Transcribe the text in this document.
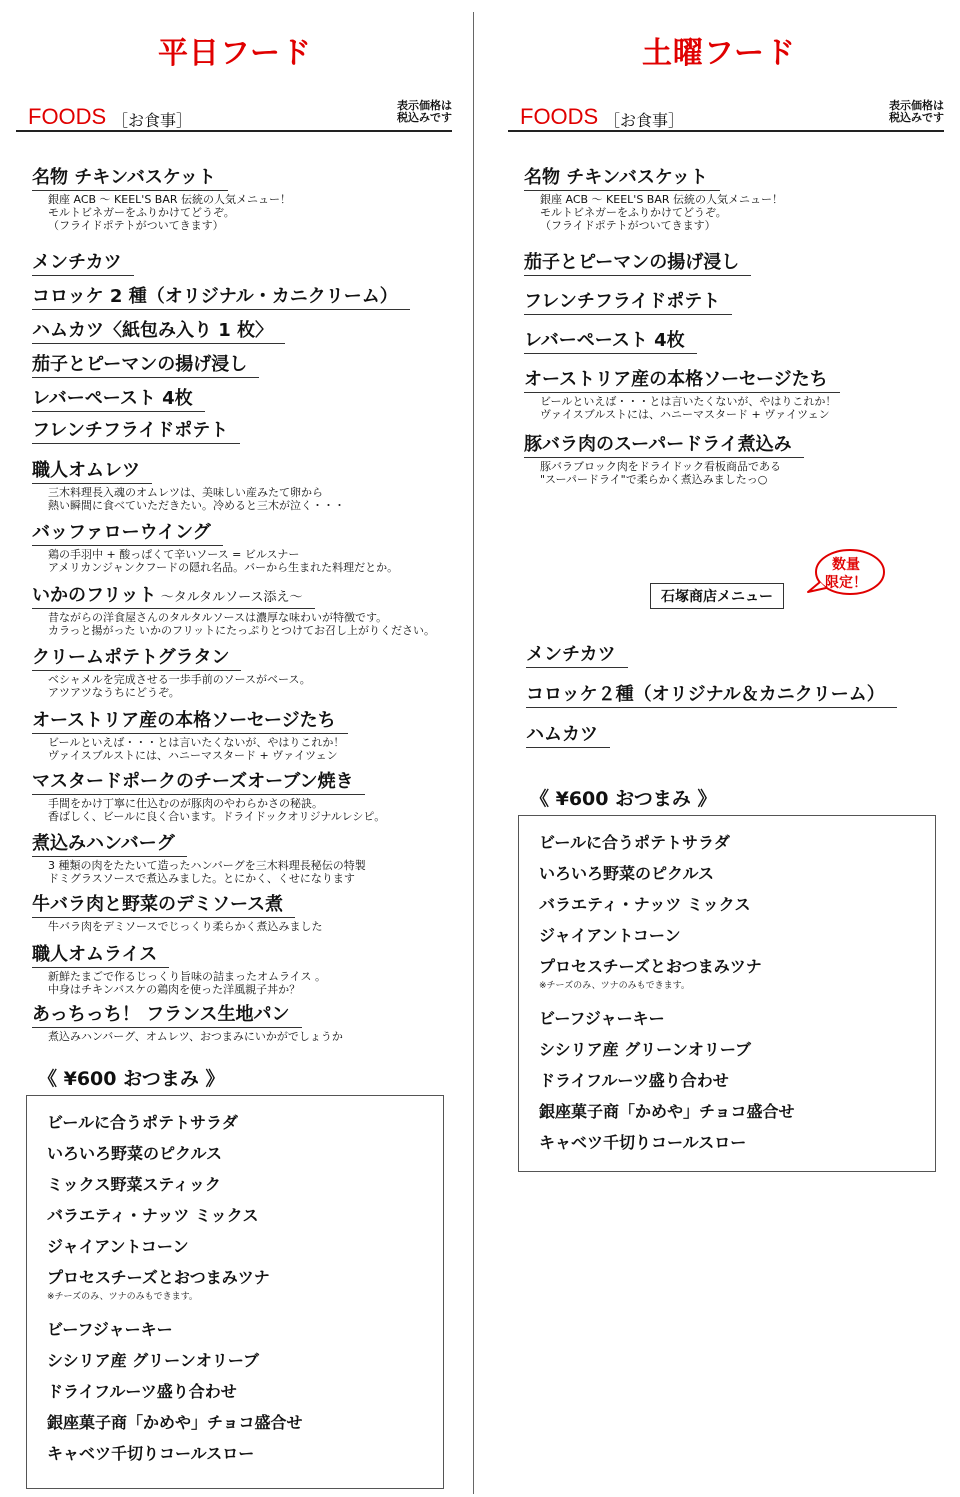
平日フード
FOODS ［お食事］
表示価格は
税込みです
名物 チキンバスケット
銀座 ACB ～ KEEL'S BAR 伝統の人気メニュー！
モルトビネガーをふりかけてどうぞ。
（フライドポテトがついてきます）
メンチカツ
コロッケ 2 種（オリジナル・カニクリーム）
ハムカツ〈紙包み入り 1 枚〉
茄子とピーマンの揚げ浸し
レバーペースト 4枚
フレンチフライドポテト
職人オムレツ
三木料理長入魂のオムレツは、美味しい産みたて卵から
熱い瞬間に食べていただきたい。冷めると三木が泣く・・・
バッファローウイング
鶏の手羽中 + 酸っぱくて辛いソース = ビルスナー
アメリカンジャンクフードの隠れ名品。バーから生まれた料理だとか。
いかのフリット ～タルタルソース添え～
昔ながらの洋食屋さんのタルタルソースは濃厚な味わいが特徴です。
カラっと揚がった いかのフリットにたっぷりとつけてお召し上がりください。
クリームポテトグラタン
ベシャメルを完成させる一歩手前のソースがベース。
アツアツなうちにどうぞ。
オーストリア産の本格ソーセージたち
ビールといえば・・・とは言いたくないが、やはりこれか！
ヴァイスブルストには、ハニーマスタード + ヴァイツェン
マスタードポークのチーズオーブン焼き
手間をかけ丁寧に仕込むのが豚肉のやわらかさの秘訣。
香ばしく、ビールに良く合います。ドライドックオリジナルレシピ。
煮込みハンバーグ
3 種類の肉をたたいて造ったハンバーグを三木料理長秘伝の特製
ドミグラスソースで煮込みました。とにかく、くせになります
牛バラ肉と野菜のデミソース煮
牛バラ肉をデミソースでじっくり柔らかく煮込みました
職人オムライス
新鮮たまごで作るじっくり旨味の詰まったオムライス 。
中身はチキンバスケの鶏肉を使った洋風親子丼か？
あっちっち！ フランス生地パン
煮込みハンバーグ、オムレツ、おつまみにいかがでしょうか
《 ¥600 おつまみ 》
ビールに合うポテトサラダ
いろいろ野菜のピクルス
ミックス野菜スティック
バラエティ・ナッツ ミックス
ジャイアントコーン
プロセスチーズとおつまみツナ
※チーズのみ、ツナのみもできます。
ビーフジャーキー
シシリア産 グリーンオリーブ
ドライフルーツ盛り合わせ
銀座菓子商「かめや」チョコ盛合せ
キャベツ千切りコールスロー
土曜フード
FOODS ［お食事］
表示価格は
税込みです
名物 チキンバスケット
銀座 ACB ～ KEEL'S BAR 伝統の人気メニュー！
モルトビネガーをふりかけてどうぞ。
（フライドポテトがついてきます）
茄子とピーマンの揚げ浸し
フレンチフライドポテト
レバーペースト 4枚
オーストリア産の本格ソーセージたち
ビールといえば・・・とは言いたくないが、やはりこれか！
ヴァイスブルストには、ハニーマスタード + ヴァイツェン
豚バラ肉のスーパードライ煮込み
豚バラブロック肉をドライドック看板商品である
"スーパードライ"で柔らかく煮込みましたっ○
石塚商店メニュー
数量
限定！
メンチカツ
コロッケ２種（オリジナル＆カニクリーム）
ハムカツ
《 ¥600 おつまみ 》
ビールに合うポテトサラダ
いろいろ野菜のピクルス
バラエティ・ナッツ ミックス
ジャイアントコーン
プロセスチーズとおつまみツナ
※チーズのみ、ツナのみもできます。
ビーフジャーキー
シシリア産 グリーンオリーブ
ドライフルーツ盛り合わせ
銀座菓子商「かめや」チョコ盛合せ
キャベツ千切りコールスロー
